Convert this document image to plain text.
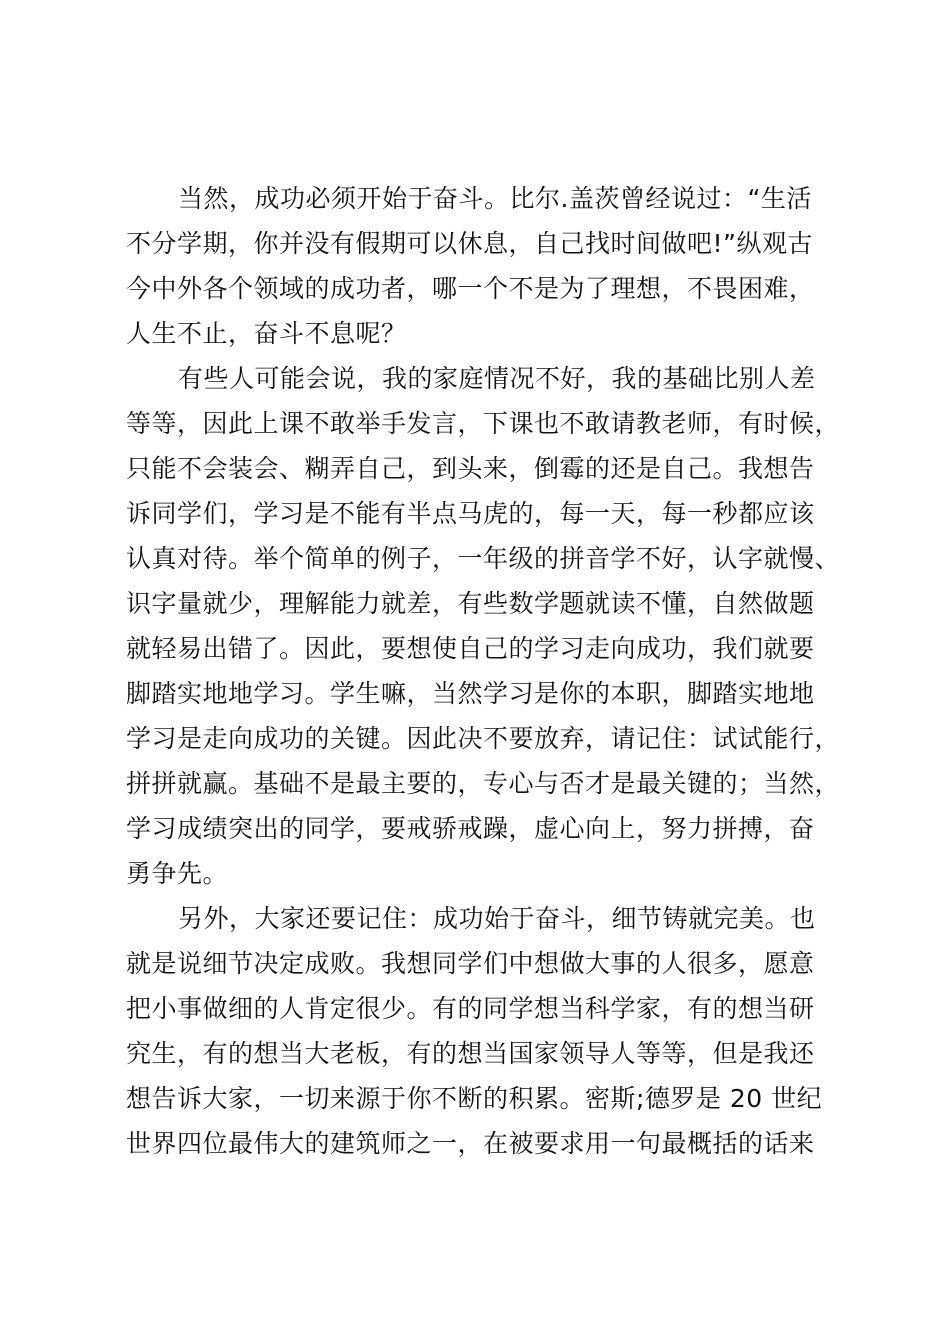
当然，成功必须开始于奋斗。比尔.盖茨曾经说过：“生活
不分学期，你并没有假期可以休息，自己找时间做吧!”纵观古
今中外各个领域的成功者，哪一个不是为了理想，不畏困难，
人生不止，奋斗不息呢？
有些人可能会说，我的家庭情况不好，我的基础比别人差
等等，因此上课不敢举手发言，下课也不敢请教老师，有时候，
只能不会装会、糊弄自己，到头来，倒霉的还是自己。我想告
诉同学们，学习是不能有半点马虎的，每一天，每一秒都应该
认真对待。举个简单的例子，一年级的拼音学不好，认字就慢、
识字量就少，理解能力就差，有些数学题就读不懂，自然做题
就轻易出错了。因此，要想使自己的学习走向成功，我们就要
脚踏实地地学习。学生嘛，当然学习是你的本职，脚踏实地地
学习是走向成功的关键。因此决不要放弃，请记住：试试能行，
拼拼就赢。基础不是最主要的，专心与否才是最关键的；当然，
学习成绩突出的同学，要戒骄戒躁，虚心向上，努力拼搏，奋
勇争先。
另外，大家还要记住：成功始于奋斗，细节铸就完美。也
就是说细节决定成败。我想同学们中想做大事的人很多，愿意
把小事做细的人肯定很少。有的同学想当科学家，有的想当研
究生，有的想当大老板，有的想当国家领导人等等，但是我还
想告诉大家，一切来源于你不断的积累。密斯;德罗是 20 世纪
世界四位最伟大的建筑师之一，在被要求用一句最概括的话来
